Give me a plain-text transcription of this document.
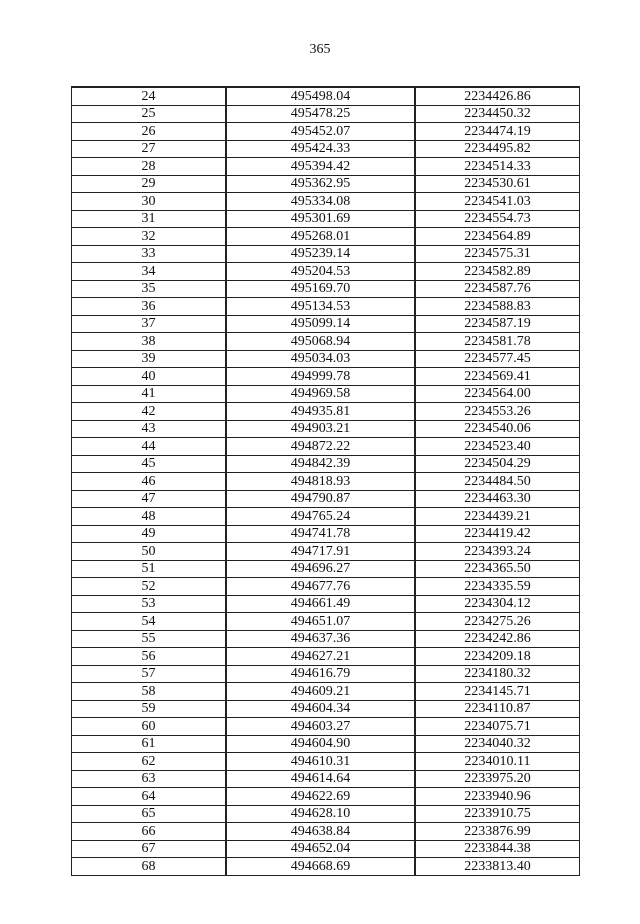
365
24	495498.04	2234426.86
25	495478.25	2234450.32
26	495452.07	2234474.19
27	495424.33	2234495.82
28	495394.42	2234514.33
29	495362.95	2234530.61
30	495334.08	2234541.03
31	495301.69	2234554.73
32	495268.01	2234564.89
33	495239.14	2234575.31
34	495204.53	2234582.89
35	495169.70	2234587.76
36	495134.53	2234588.83
37	495099.14	2234587.19
38	495068.94	2234581.78
39	495034.03	2234577.45
40	494999.78	2234569.41
41	494969.58	2234564.00
42	494935.81	2234553.26
43	494903.21	2234540.06
44	494872.22	2234523.40
45	494842.39	2234504.29
46	494818.93	2234484.50
47	494790.87	2234463.30
48	494765.24	2234439.21
49	494741.78	2234419.42
50	494717.91	2234393.24
51	494696.27	2234365.50
52	494677.76	2234335.59
53	494661.49	2234304.12
54	494651.07	2234275.26
55	494637.36	2234242.86
56	494627.21	2234209.18
57	494616.79	2234180.32
58	494609.21	2234145.71
59	494604.34	2234110.87
60	494603.27	2234075.71
61	494604.90	2234040.32
62	494610.31	2234010.11
63	494614.64	2233975.20
64	494622.69	2233940.96
65	494628.10	2233910.75
66	494638.84	2233876.99
67	494652.04	2233844.38
68	494668.69	2233813.40
